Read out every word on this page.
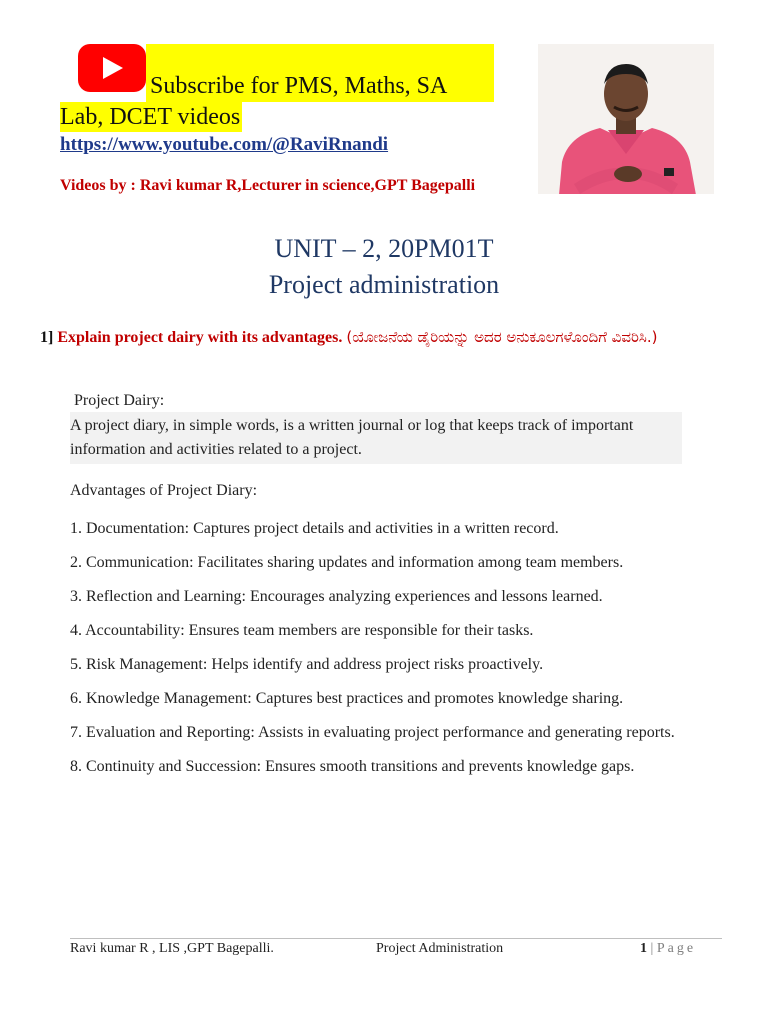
Subscribe for PMS, Maths, SA
Lab, DCET videos
https://www.youtube.com/@RaviRnandi
Videos by : Ravi kumar R,Lecturer in science,GPT Bagepalli
UNIT – 2, 20PM01T
Project administration
1] Explain project dairy with its advantages. (ಯೋಜನೆಯ ಡೈರಿಯನ್ನು ಅದರ ಅನುಕೂಲಗಳೊಂದಿಗೆ ವಿವರಿಸಿ.)
Project Dairy:
A project diary, in simple words, is a written journal or log that keeps track of important information and activities related to a project.
Advantages of Project Diary:
1. Documentation: Captures project details and activities in a written record.
2. Communication: Facilitates sharing updates and information among team members.
3. Reflection and Learning: Encourages analyzing experiences and lessons learned.
4. Accountability: Ensures team members are responsible for their tasks.
5. Risk Management: Helps identify and address project risks proactively.
6. Knowledge Management: Captures best practices and promotes knowledge sharing.
7. Evaluation and Reporting: Assists in evaluating project performance and generating reports.
8. Continuity and Succession: Ensures smooth transitions and prevents knowledge gaps.
Ravi kumar R , LIS ,GPT Bagepalli.	Project Administration	1 | Page
